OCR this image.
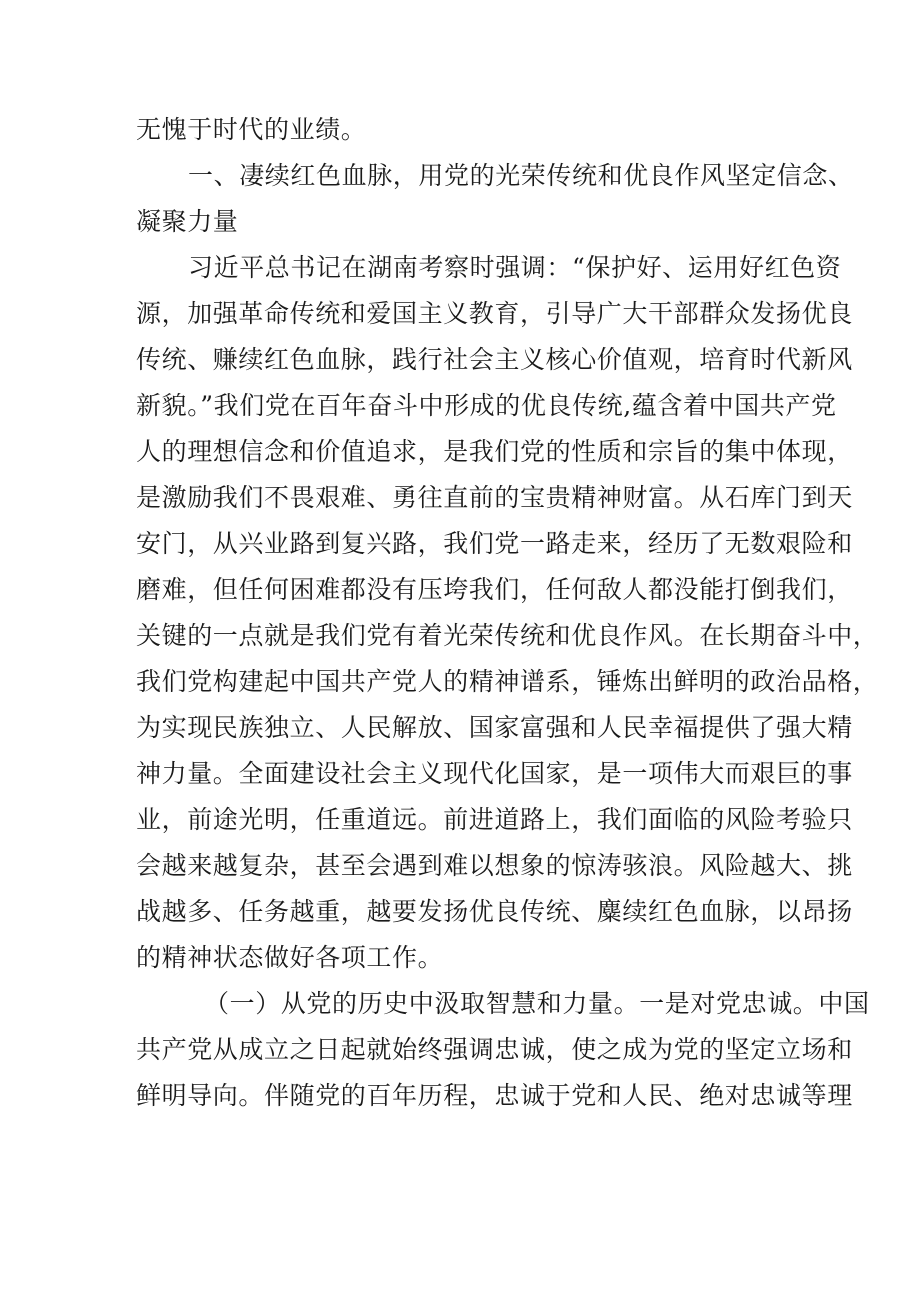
无愧于时代的业绩。
一、凄续红色血脉，用党的光荣传统和优良作风坚定信念、
凝聚力量
习近平总书记在湖南考察时强调：“保护好、运用好红色资
源，加强革命传统和爱国主义教育，引导广大干部群众发扬优良
传统、赚续红色血脉，践行社会主义核心价值观，培育时代新风
新貌。”我们党在百年奋斗中形成的优良传统,蕴含着中国共产党
人的理想信念和价值追求，是我们党的性质和宗旨的集中体现，
是激励我们不畏艰难、勇往直前的宝贵精神财富。从石库门到天
安门，从兴业路到复兴路，我们党一路走来，经历了无数艰险和
磨难，但任何困难都没有压垮我们，任何敌人都没能打倒我们，
关键的一点就是我们党有着光荣传统和优良作风。在长期奋斗中，
我们党构建起中国共产党人的精神谱系，锤炼出鲜明的政治品格，
为实现民族独立、人民解放、国家富强和人民幸福提供了强大精
神力量。全面建设社会主义现代化国家，是一项伟大而艰巨的事
业，前途光明，任重道远。前进道路上，我们面临的风险考验只
会越来越复杂，甚至会遇到难以想象的惊涛骇浪。风险越大、挑
战越多、任务越重，越要发扬优良传统、麋续红色血脉，以昂扬
的精神状态做好各项工作。
（一）从党的历史中汲取智慧和力量。一是对党忠诚。中国
共产党从成立之日起就始终强调忠诚，使之成为党的坚定立场和
鲜明导向。伴随党的百年历程，忠诚于党和人民、绝对忠诚等理
